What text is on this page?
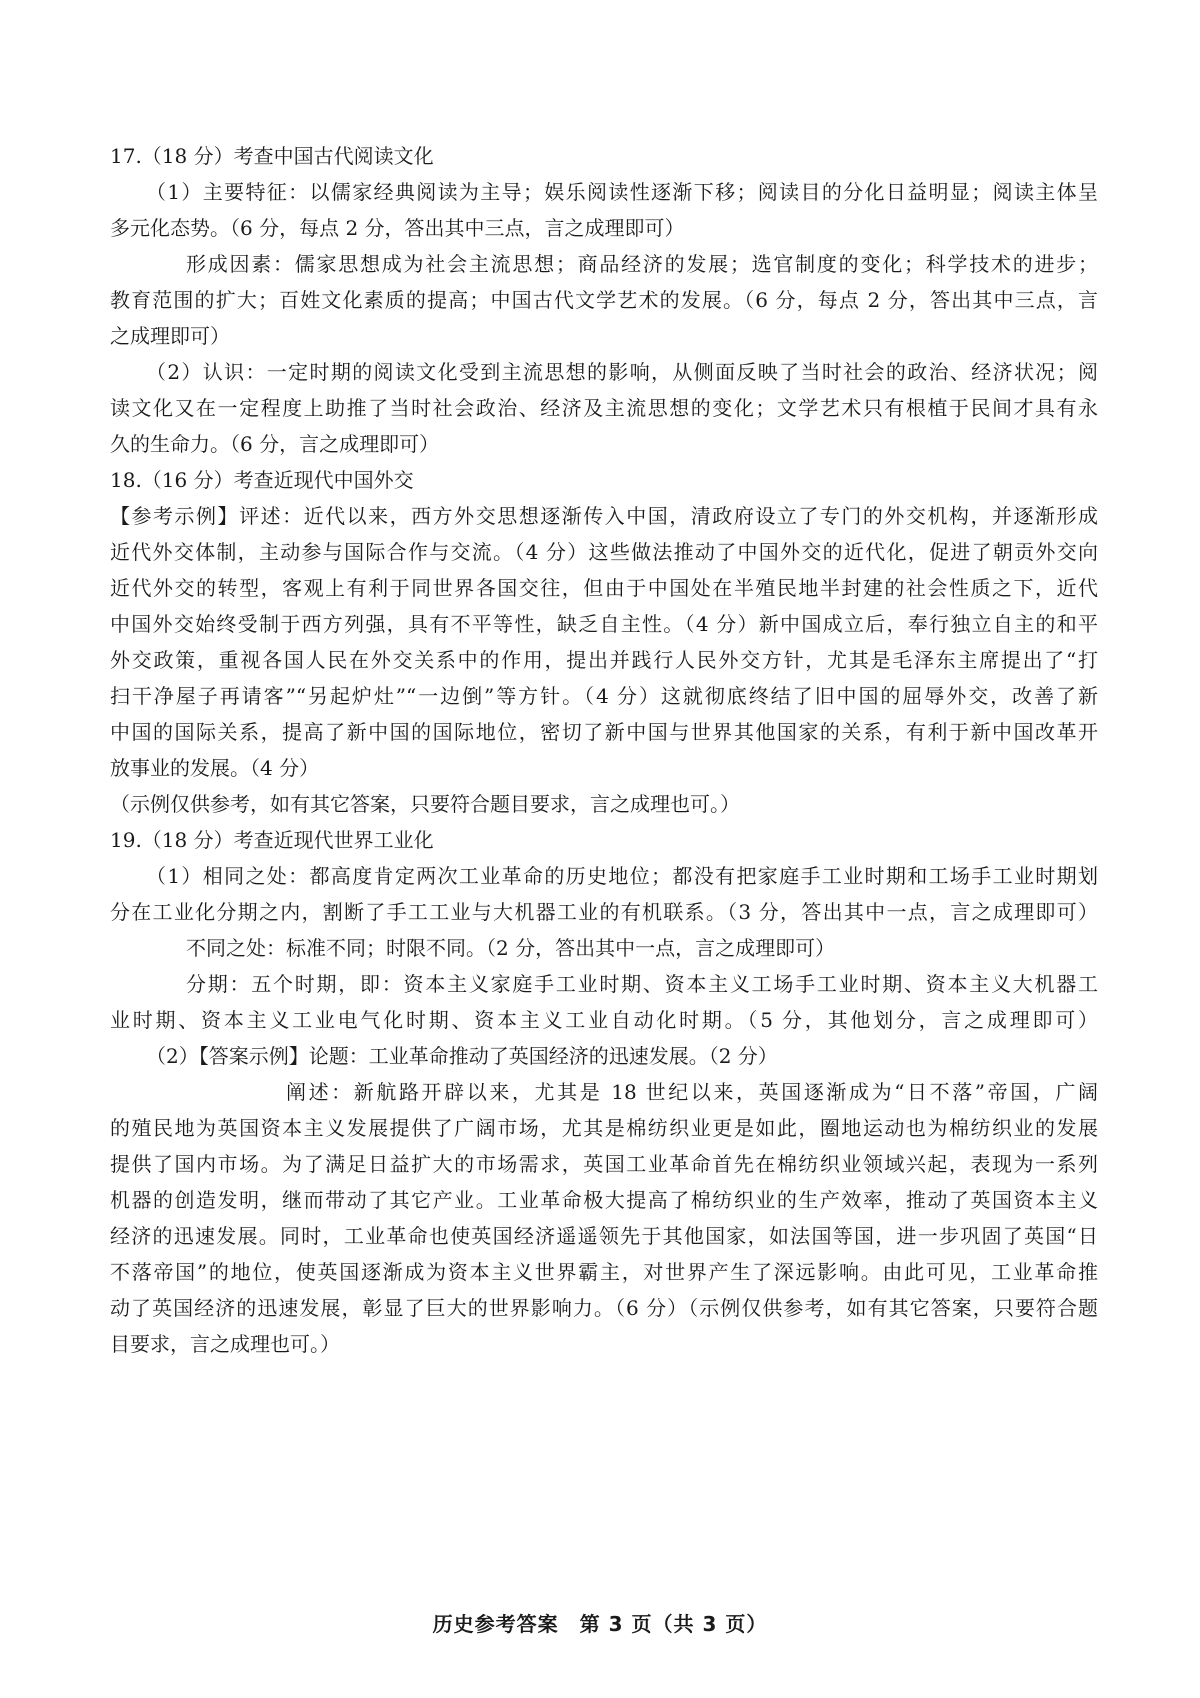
17.（18 分）考查中国古代阅读文化
（1）主要特征：以儒家经典阅读为主导；娱乐阅读性逐渐下移；阅读目的分化日益明显；阅读主体呈
多元化态势。（6 分，每点 2 分，答出其中三点，言之成理即可）
形成因素：儒家思想成为社会主流思想；商品经济的发展；选官制度的变化；科学技术的进步；
教育范围的扩大；百姓文化素质的提高；中国古代文学艺术的发展。（6 分，每点 2 分，答出其中三点，言
之成理即可）
（2）认识：一定时期的阅读文化受到主流思想的影响，从侧面反映了当时社会的政治、经济状况；阅
读文化又在一定程度上助推了当时社会政治、经济及主流思想的变化；文学艺术只有根植于民间才具有永
久的生命力。（6 分，言之成理即可）
18.（16 分）考查近现代中国外交
【参考示例】评述：近代以来，西方外交思想逐渐传入中国，清政府设立了专门的外交机构，并逐渐形成
近代外交体制，主动参与国际合作与交流。（4 分）这些做法推动了中国外交的近代化，促进了朝贡外交向
近代外交的转型，客观上有利于同世界各国交往，但由于中国处在半殖民地半封建的社会性质之下，近代
中国外交始终受制于西方列强，具有不平等性，缺乏自主性。（4 分）新中国成立后，奉行独立自主的和平
外交政策，重视各国人民在外交关系中的作用，提出并践行人民外交方针，尤其是毛泽东主席提出了“打
扫干净屋子再请客”“另起炉灶”“一边倒”等方针。（4 分）这就彻底终结了旧中国的屈辱外交，改善了新
中国的国际关系，提高了新中国的国际地位，密切了新中国与世界其他国家的关系，有利于新中国改革开
放事业的发展。（4 分）
（示例仅供参考，如有其它答案，只要符合题目要求，言之成理也可。）
19.（18 分）考查近现代世界工业化
（1）相同之处：都高度肯定两次工业革命的历史地位；都没有把家庭手工业时期和工场手工业时期划
分在工业化分期之内，割断了手工工业与大机器工业的有机联系。（3 分，答出其中一点，言之成理即可）
不同之处：标准不同；时限不同。（2 分，答出其中一点，言之成理即可）
分期：五个时期，即：资本主义家庭手工业时期、资本主义工场手工业时期、资本主义大机器工
业时期、资本主义工业电气化时期、资本主义工业自动化时期。（5 分，其他划分，言之成理即可）
（2）【答案示例】论题：工业革命推动了英国经济的迅速发展。（2 分）
阐述：新航路开辟以来，尤其是 18 世纪以来，英国逐渐成为“日不落”帝国，广阔
的殖民地为英国资本主义发展提供了广阔市场，尤其是棉纺织业更是如此，圈地运动也为棉纺织业的发展
提供了国内市场。为了满足日益扩大的市场需求，英国工业革命首先在棉纺织业领域兴起，表现为一系列
机器的创造发明，继而带动了其它产业。工业革命极大提高了棉纺织业的生产效率，推动了英国资本主义
经济的迅速发展。同时，工业革命也使英国经济遥遥领先于其他国家，如法国等国，进一步巩固了英国“日
不落帝国”的地位，使英国逐渐成为资本主义世界霸主，对世界产生了深远影响。由此可见，工业革命推
动了英国经济的迅速发展，彰显了巨大的世界影响力。（6 分）（示例仅供参考，如有其它答案，只要符合题
目要求，言之成理也可。）
历史参考答案　第 3 页（共 3 页）
